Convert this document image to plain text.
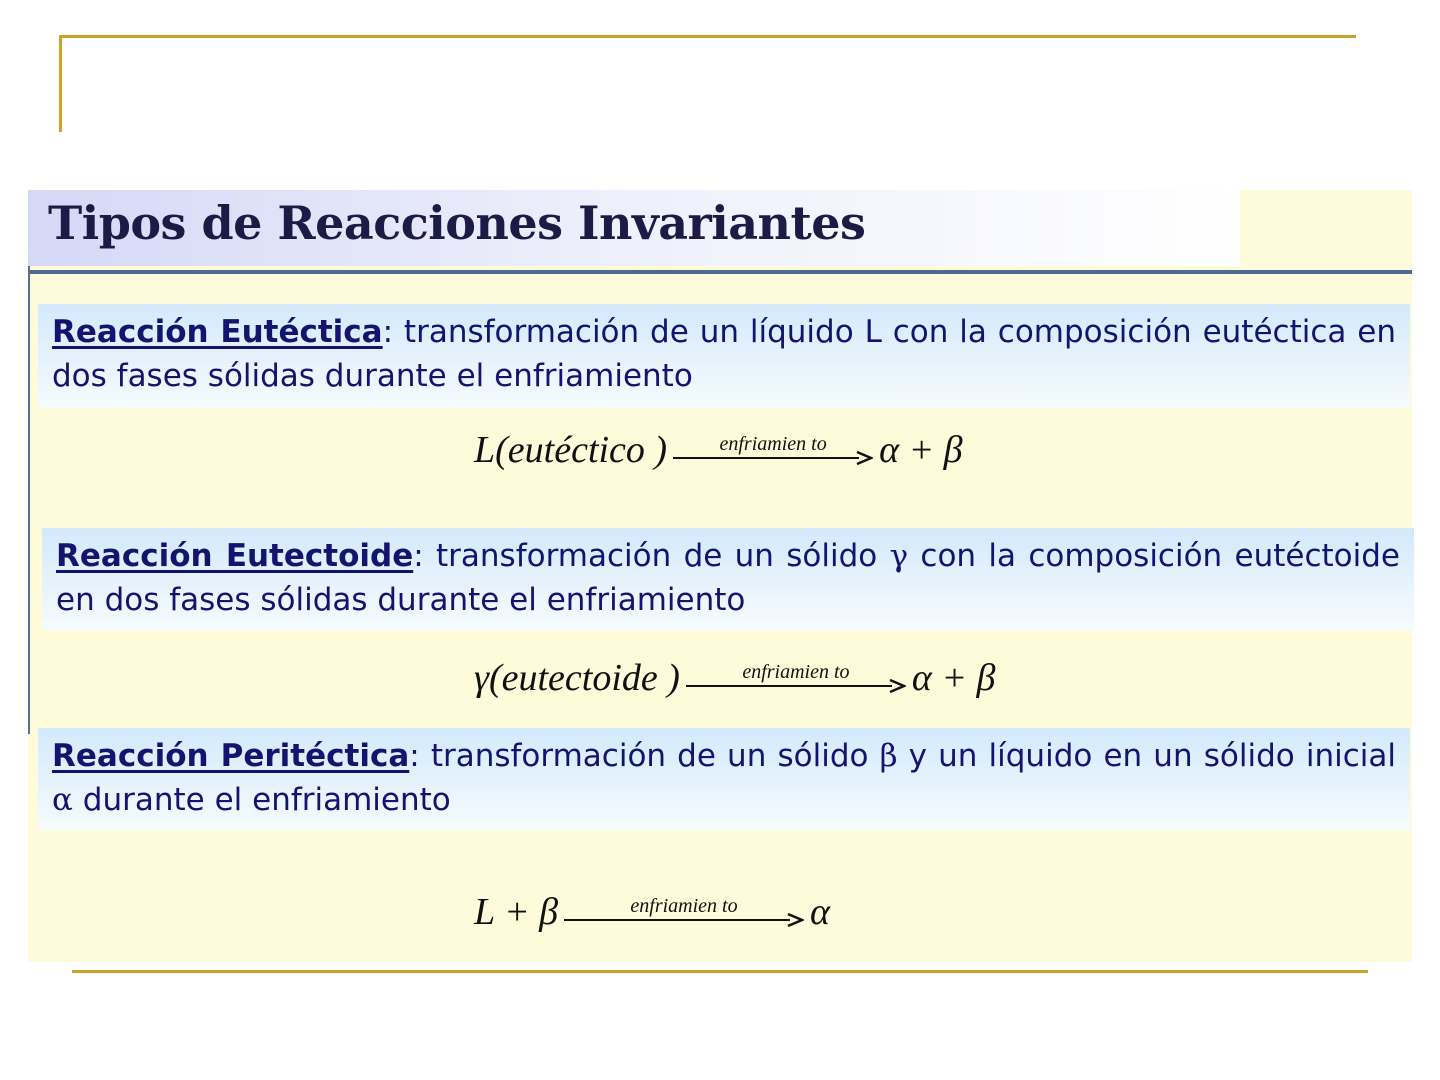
Tipos de Reacciones Invariantes
Reacción Eutéctica: transformación de un líquido L con la composición eutéctica en dos fases sólidas durante el enfriamiento
L(eutéctico )	enfriamien to α + β
Reacción Eutectoide: transformación de un sólido γ con la composición eutéctoide en dos fases sólidas durante el enfriamiento
γ(eutectoide )	enfriamien to α + β
Reacción Peritéctica: transformación de un sólido β y un líquido en un sólido inicial α durante el enfriamiento
L + β	enfriamien to α
